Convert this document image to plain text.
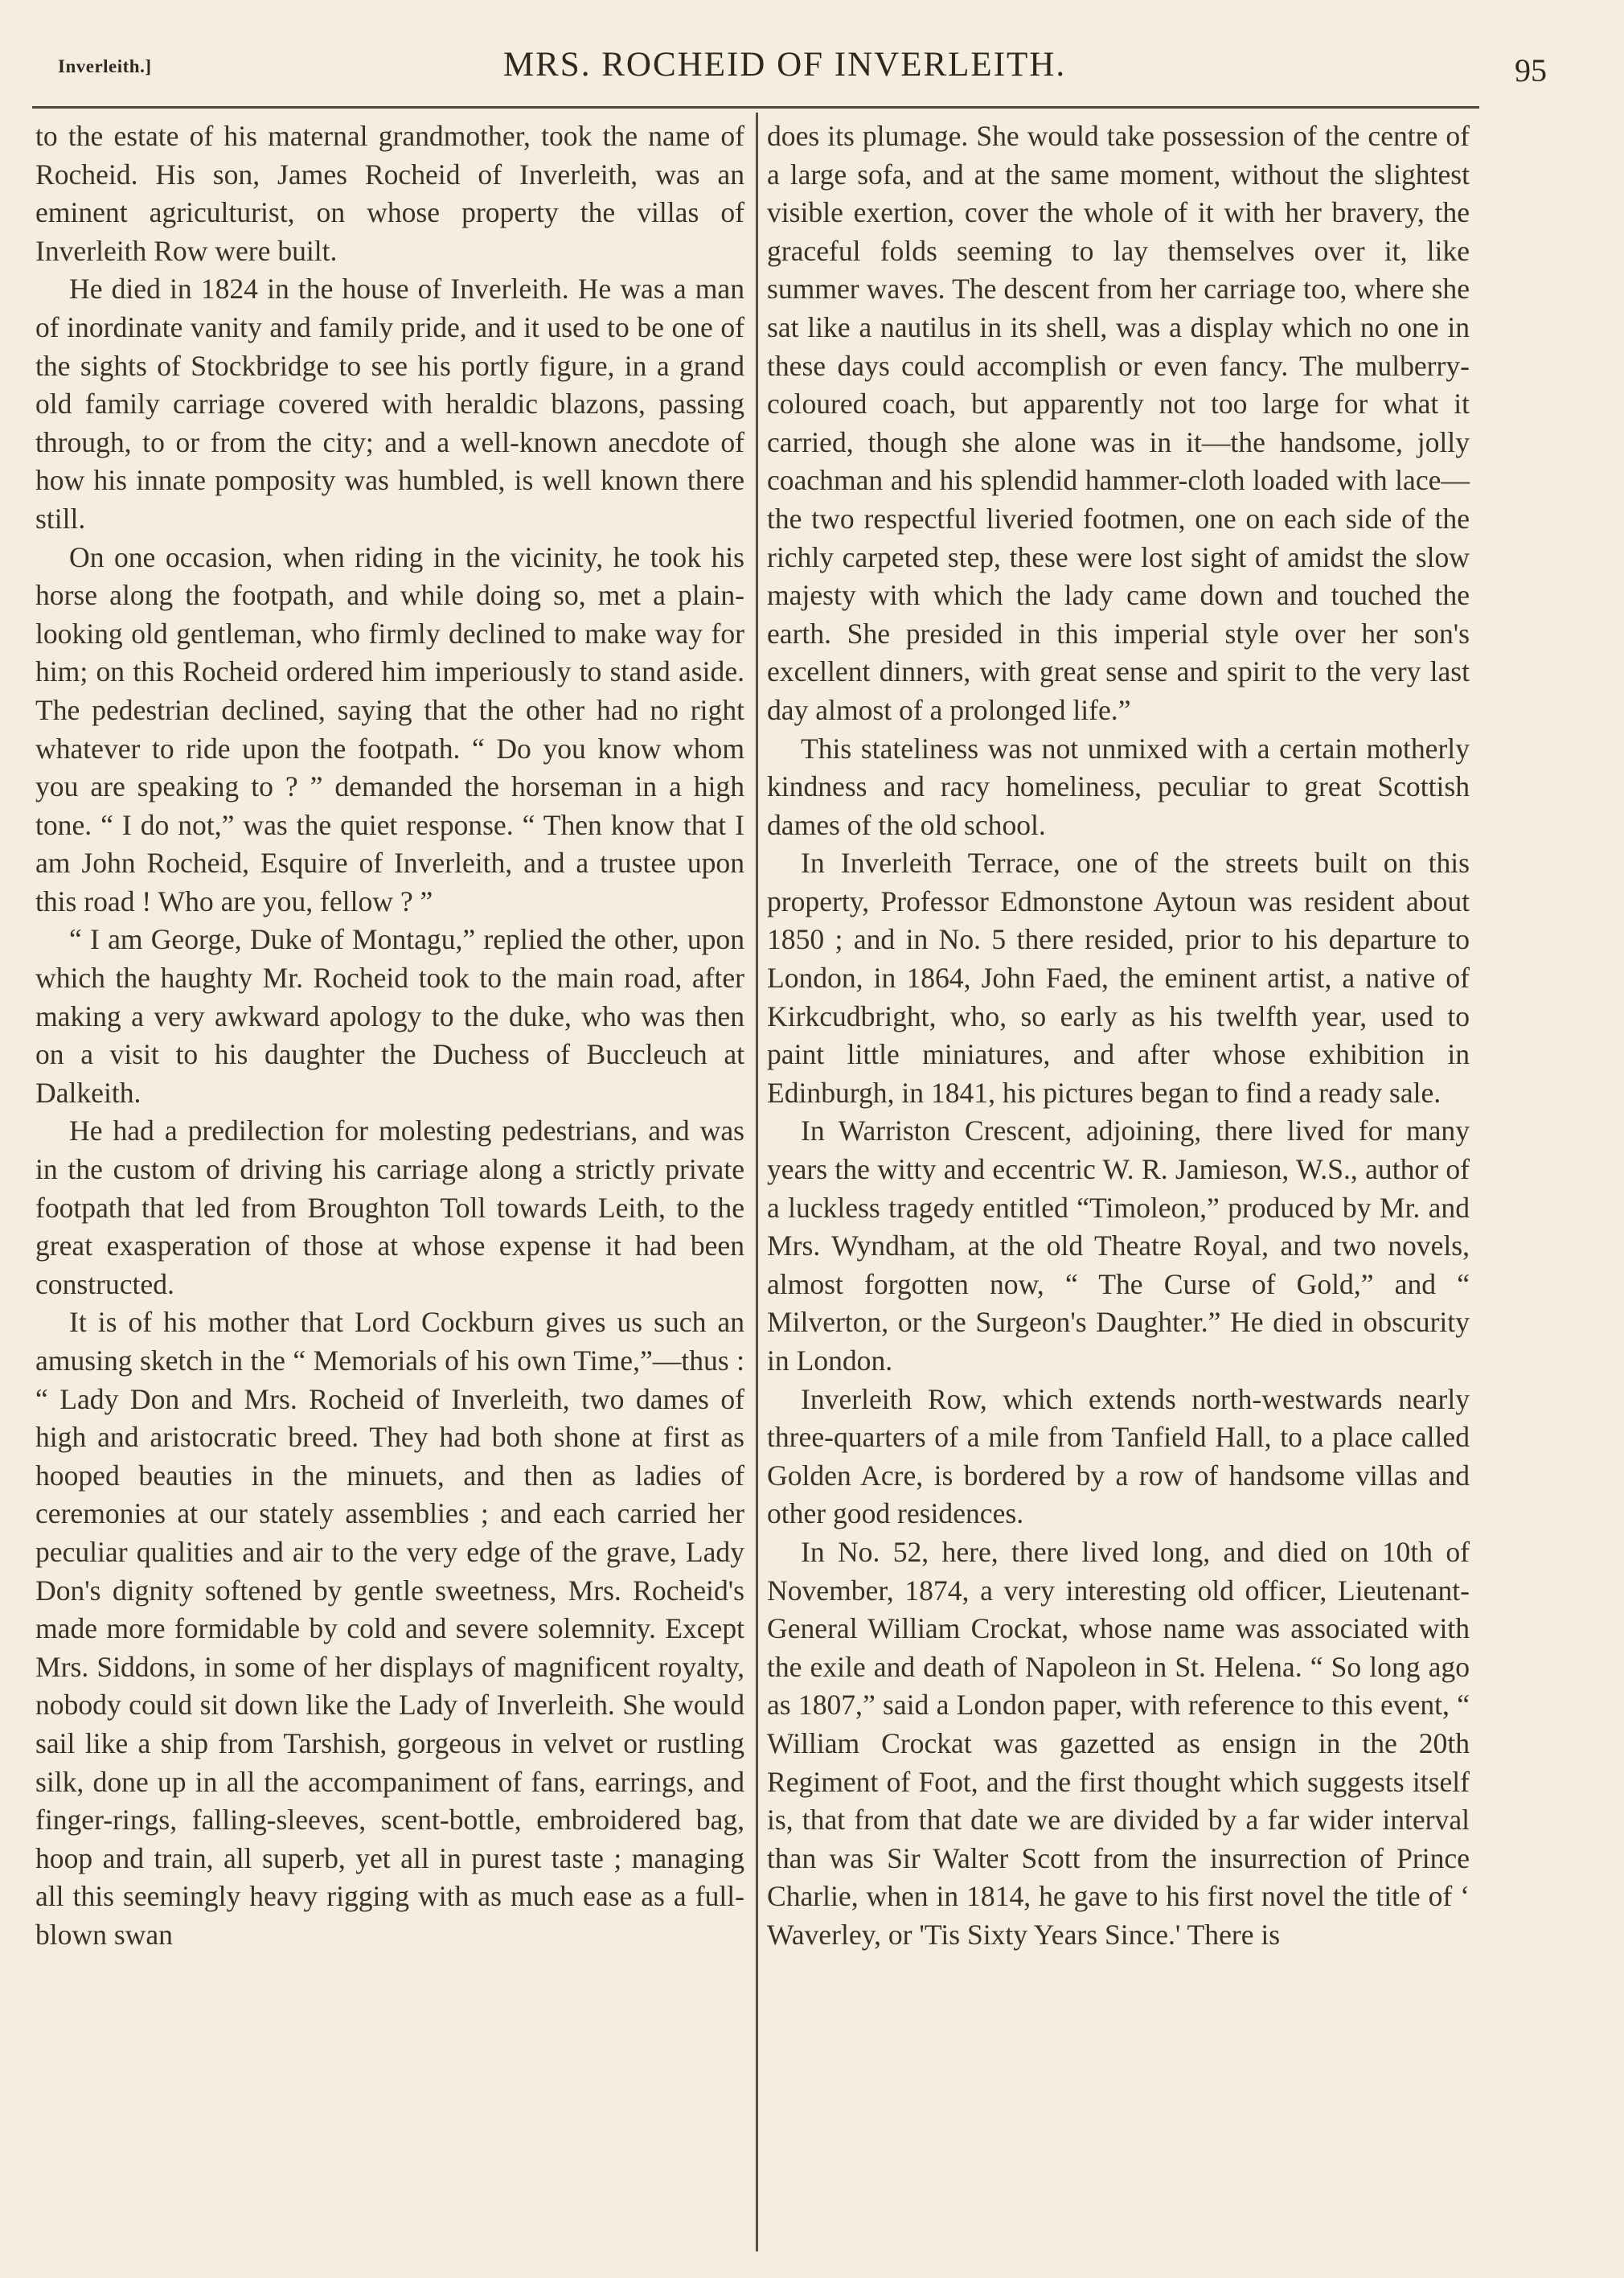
Inverleith.]	MRS. ROCHEID OF INVERLEITH.	95

to the estate of his maternal grandmother, took the name of Rocheid. His son, James Rocheid of Inverleith, was an eminent agriculturist, on whose property the villas of Inverleith Row were built.

He died in 1824 in the house of Inverleith. He was a man of inordinate vanity and family pride, and it used to be one of the sights of Stockbridge to see his portly figure, in a grand old family carriage covered with heraldic blazons, passing through, to or from the city; and a well-known anecdote of how his innate pomposity was humbled, is well known there still.

On one occasion, when riding in the vicinity, he took his horse along the footpath, and while doing so, met a plain-looking old gentleman, who firmly declined to make way for him; on this Rocheid ordered him imperiously to stand aside. The pedestrian declined, saying that the other had no right whatever to ride upon the footpath. “ Do you know whom you are speaking to ? ” demanded the horseman in a high tone. “ I do not,” was the quiet response. “ Then know that I am John Rocheid, Esquire of Inverleith, and a trustee upon this road ! Who are you, fellow ? ”

“ I am George, Duke of Montagu,” replied the other, upon which the haughty Mr. Rocheid took to the main road, after making a very awkward apology to the duke, who was then on a visit to his daughter the Duchess of Buccleuch at Dalkeith.

He had a predilection for molesting pedestrians, and was in the custom of driving his carriage along a strictly private footpath that led from Broughton Toll towards Leith, to the great exasperation of those at whose expense it had been constructed.

It is of his mother that Lord Cockburn gives us such an amusing sketch in the “ Memorials of his own Time,”—thus : “ Lady Don and Mrs. Rocheid of Inverleith, two dames of high and aristocratic breed. They had both shone at first as hooped beauties in the minuets, and then as ladies of ceremonies at our stately assemblies ; and each carried her peculiar qualities and air to the very edge of the grave, Lady Don's dignity softened by gentle sweetness, Mrs. Rocheid's made more formidable by cold and severe solemnity. Except Mrs. Siddons, in some of her displays of magnificent royalty, nobody could sit down like the Lady of Inverleith. She would sail like a ship from Tarshish, gorgeous in velvet or rustling silk, done up in all the accompaniment of fans, earrings, and finger-rings, falling-sleeves, scent-bottle, embroidered bag, hoop and train, all superb, yet all in purest taste ; managing all this seemingly heavy rigging with as much ease as a full-blown swan

does its plumage. She would take possession of the centre of a large sofa, and at the same moment, without the slightest visible exertion, cover the whole of it with her bravery, the graceful folds seeming to lay themselves over it, like summer waves. The descent from her carriage too, where she sat like a nautilus in its shell, was a display which no one in these days could accomplish or even fancy. The mulberry-coloured coach, but apparently not too large for what it carried, though she alone was in it—the handsome, jolly coachman and his splendid hammer-cloth loaded with lace—the two respectful liveried footmen, one on each side of the richly carpeted step, these were lost sight of amidst the slow majesty with which the lady came down and touched the earth. She presided in this imperial style over her son's excellent dinners, with great sense and spirit to the very last day almost of a prolonged life.”

This stateliness was not unmixed with a certain motherly kindness and racy homeliness, peculiar to great Scottish dames of the old school.

In Inverleith Terrace, one of the streets built on this property, Professor Edmonstone Aytoun was resident about 1850 ; and in No. 5 there resided, prior to his departure to London, in 1864, John Faed, the eminent artist, a native of Kirkcudbright, who, so early as his twelfth year, used to paint little miniatures, and after whose exhibition in Edinburgh, in 1841, his pictures began to find a ready sale.

In Warriston Crescent, adjoining, there lived for many years the witty and eccentric W. R. Jamieson, W.S., author of a luckless tragedy entitled “Timoleon,” produced by Mr. and Mrs. Wyndham, at the old Theatre Royal, and two novels, almost forgotten now, “ The Curse of Gold,” and “ Milverton, or the Surgeon's Daughter.” He died in obscurity in London.

Inverleith Row, which extends north-westwards nearly three-quarters of a mile from Tanfield Hall, to a place called Golden Acre, is bordered by a row of handsome villas and other good residences.

In No. 52, here, there lived long, and died on 10th of November, 1874, a very interesting old officer, Lieutenant-General William Crockat, whose name was associated with the exile and death of Napoleon in St. Helena. “ So long ago as 1807,” said a London paper, with reference to this event, “ William Crockat was gazetted as ensign in the 20th Regiment of Foot, and the first thought which suggests itself is, that from that date we are divided by a far wider interval than was Sir Walter Scott from the insurrection of Prince Charlie, when in 1814, he gave to his first novel the title of ‘ Waverley, or 'Tis Sixty Years Since.' There is
